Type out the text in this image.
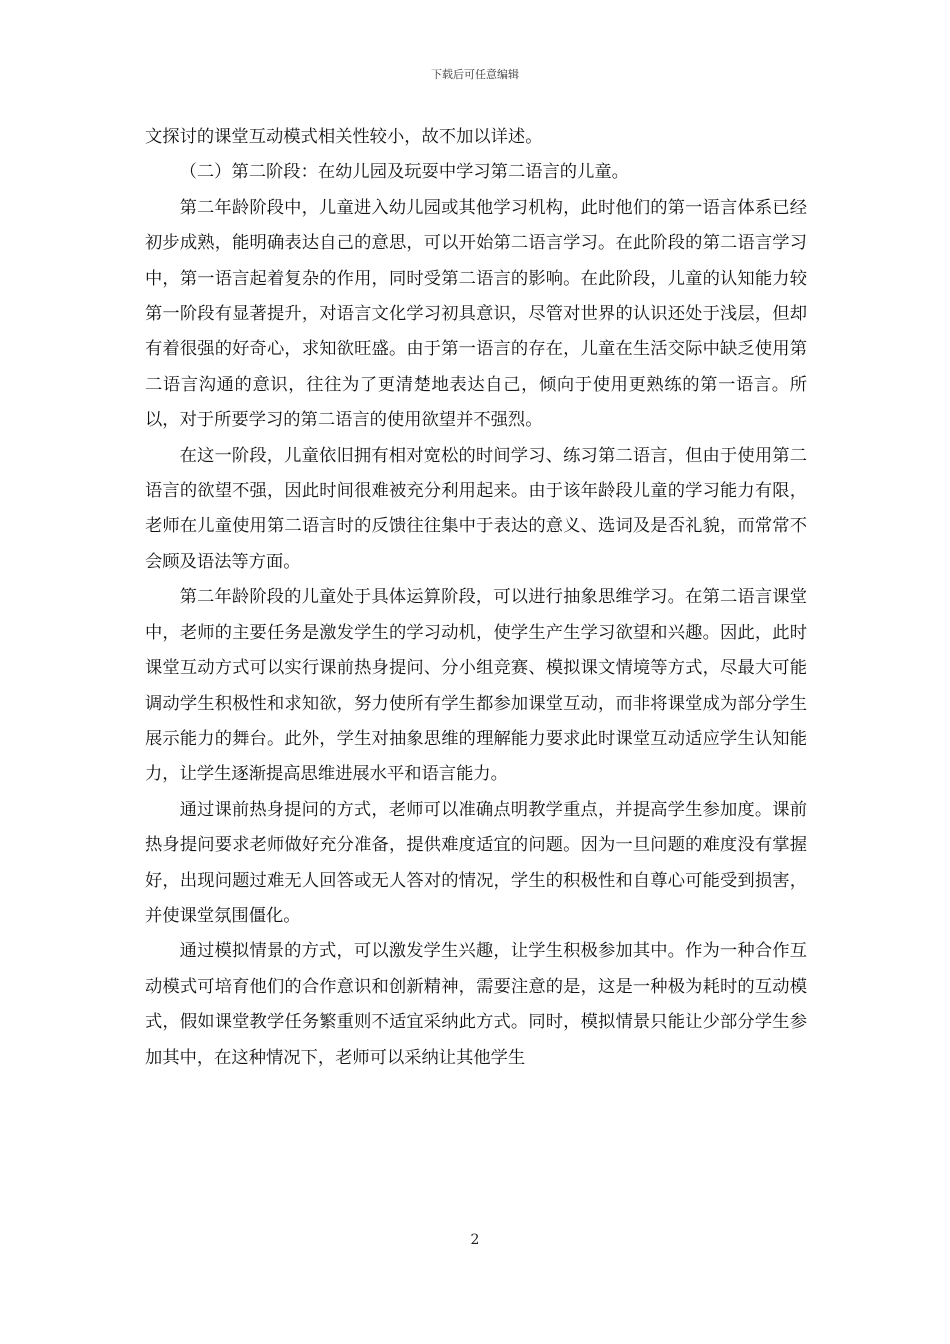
下载后可任意编辑

文探讨的课堂互动模式相关性较小，故不加以详述。

（二）第二阶段：在幼儿园及玩耍中学习第二语言的儿童。

第二年龄阶段中，儿童进入幼儿园或其他学习机构，此时他们的第一语言体系已经初步成熟，能明确表达自己的意思，可以开始第二语言学习。在此阶段的第二语言学习中，第一语言起着复杂的作用，同时受第二语言的影响。在此阶段，儿童的认知能力较第一阶段有显著提升，对语言文化学习初具意识，尽管对世界的认识还处于浅层，但却有着很强的好奇心，求知欲旺盛。由于第一语言的存在，儿童在生活交际中缺乏使用第二语言沟通的意识，往往为了更清楚地表达自己，倾向于使用更熟练的第一语言。所以，对于所要学习的第二语言的使用欲望并不强烈。

在这一阶段，儿童依旧拥有相对宽松的时间学习、练习第二语言，但由于使用第二语言的欲望不强，因此时间很难被充分利用起来。由于该年龄段儿童的学习能力有限，老师在儿童使用第二语言时的反馈往往集中于表达的意义、选词及是否礼貌，而常常不会顾及语法等方面。

第二年龄阶段的儿童处于具体运算阶段，可以进行抽象思维学习。在第二语言课堂中，老师的主要任务是激发学生的学习动机，使学生产生学习欲望和兴趣。因此，此时课堂互动方式可以实行课前热身提问、分小组竞赛、模拟课文情境等方式，尽最大可能调动学生积极性和求知欲，努力使所有学生都参加课堂互动，而非将课堂成为部分学生展示能力的舞台。此外，学生对抽象思维的理解能力要求此时课堂互动适应学生认知能力，让学生逐渐提高思维进展水平和语言能力。

通过课前热身提问的方式，老师可以准确点明教学重点，并提高学生参加度。课前热身提问要求老师做好充分准备，提供难度适宜的问题。因为一旦问题的难度没有掌握好，出现问题过难无人回答或无人答对的情况，学生的积极性和自尊心可能受到损害，并使课堂氛围僵化。

通过模拟情景的方式，可以激发学生兴趣，让学生积极参加其中。作为一种合作互动模式可培育他们的合作意识和创新精神，需要注意的是，这是一种极为耗时的互动模式，假如课堂教学任务繁重则不适宜采纳此方式。同时，模拟情景只能让少部分学生参加其中，在这种情况下，老师可以采纳让其他学生

2
